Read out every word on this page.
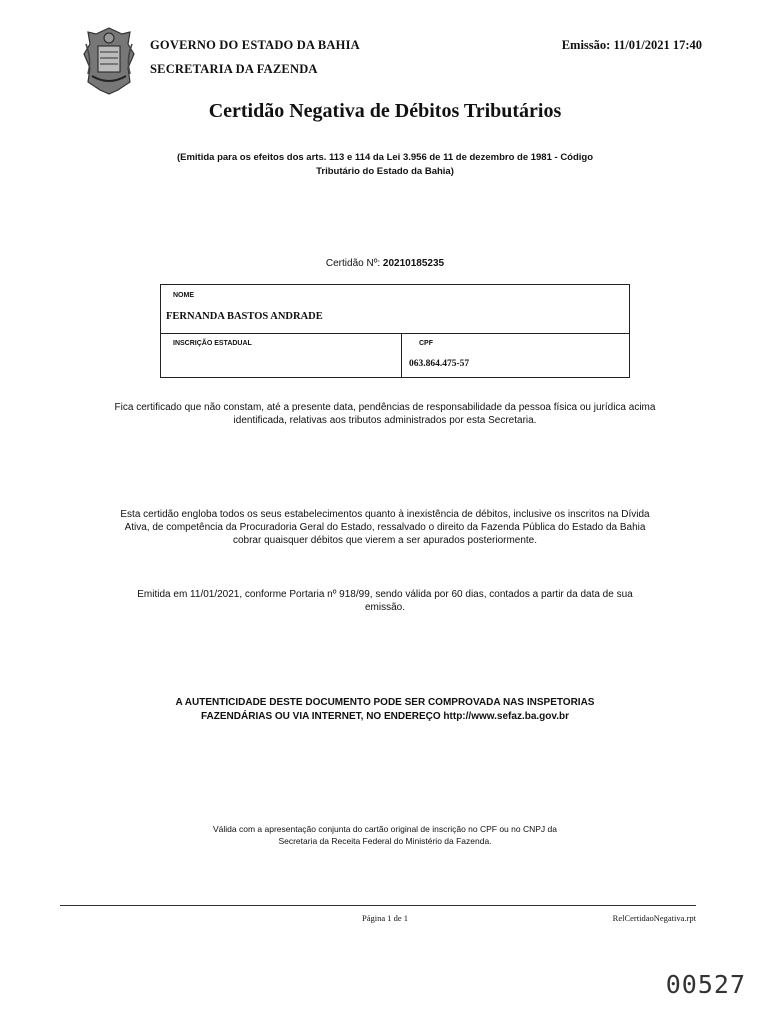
GOVERNO DO ESTADO DA BAHIA
SECRETARIA DA FAZENDA
Emissão: 11/01/2021 17:40
Certidão Negativa de Débitos Tributários
(Emitida para os efeitos dos arts. 113 e 114 da Lei 3.956 de 11 de dezembro de 1981 - Código
Tributário do Estado da Bahia)
Certidão Nº: 20210185235
NOME
FERNANDA BASTOS ANDRADE
INSCRIÇÃO ESTADUAL	CPF
063.864.475-57
Fica certificado que não constam, até a presente data, pendências de responsabilidade da pessoa física ou jurídica acima
identificada, relativas aos tributos administrados por esta Secretaria.
Esta certidão engloba todos os seus estabelecimentos quanto à inexistência de débitos, inclusive os inscritos na Dívida
Ativa, de competência da Procuradoria Geral do Estado, ressalvado o direito da Fazenda Pública do Estado da Bahia
cobrar quaisquer débitos que vierem a ser apurados posteriormente.
Emitida em 11/01/2021, conforme Portaria nº 918/99, sendo válida por 60 dias, contados a partir da data de sua
emissão.
A AUTENTICIDADE DESTE DOCUMENTO PODE SER COMPROVADA NAS INSPETORIAS
FAZENDÁRIAS OU VIA INTERNET, NO ENDEREÇO http://www.sefaz.ba.gov.br
Válida com a apresentação conjunta do cartão original de inscrição no CPF ou no CNPJ da
Secretaria da Receita Federal do Ministério da Fazenda.
Página 1 de 1	RelCertidaoNegativa.rpt
00527
